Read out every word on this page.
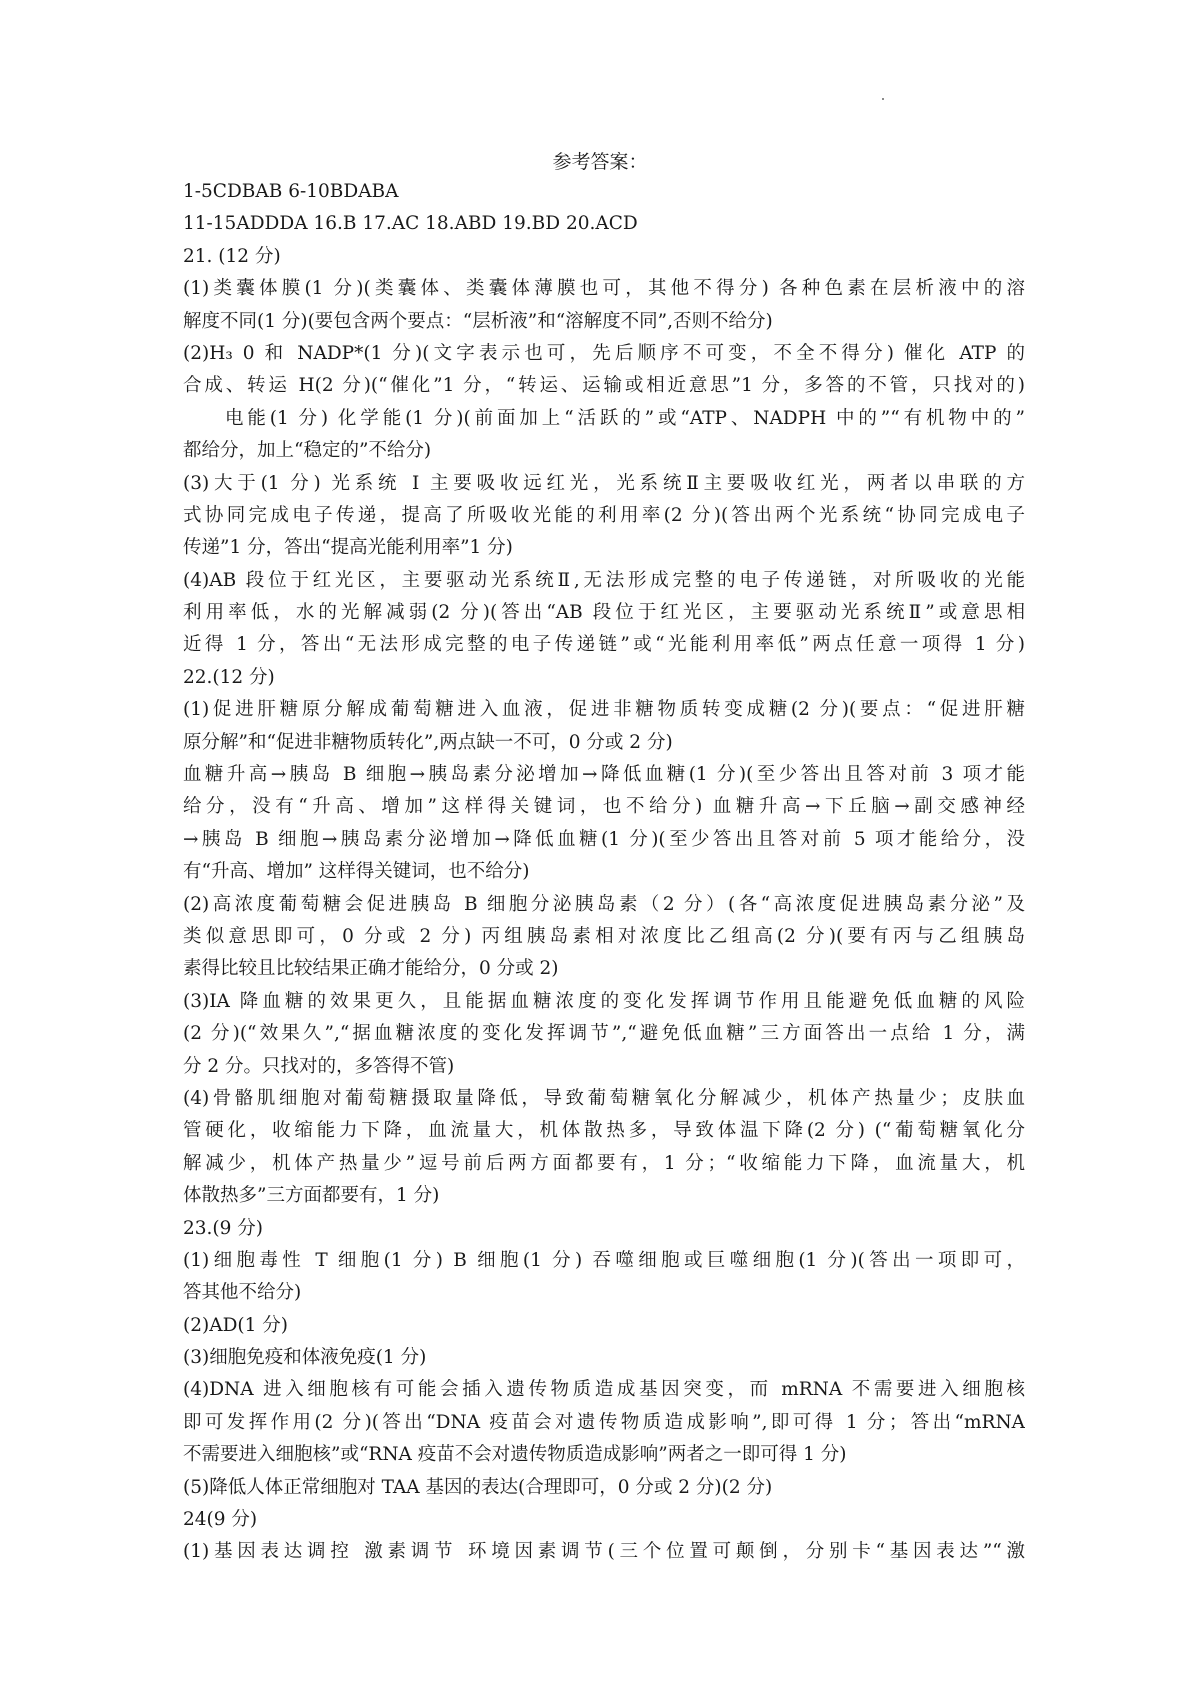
参考答案：
1-5CDBAB 6-10BDABA
11-15ADDDA 16.B 17.AC 18.ABD 19.BD 20.ACD
21. (12 分)
(1)类囊体膜(1 分)(类囊体、类囊体薄膜也可，其他不得分) 各种色素在层析液中的溶
解度不同(1 分)(要包含两个要点：“层析液”和“溶解度不同”,否则不给分)
(2)H₃ 0 和 NADP*(1 分)(文字表示也可，先后顺序不可变，不全不得分) 催化 ATP 的
合成、转运 H(2 分)(“催化”1 分，“转运、运输或相近意思”1 分，多答的不管，只找对的)
电能(1 分) 化学能(1 分)(前面加上“活跃的”或“ATP、NADPH 中的”“有机物中的”
都给分，加上“稳定的”不给分)
(3)大于(1 分) 光系统 I 主要吸收远红光，光系统Ⅱ主要吸收红光，两者以串联的方
式协同完成电子传递，提高了所吸收光能的利用率(2 分)(答出两个光系统“协同完成电子
传递”1 分，答出“提高光能利用率”1 分)
(4)AB 段位于红光区，主要驱动光系统Ⅱ,无法形成完整的电子传递链，对所吸收的光能
利用率低，水的光解减弱(2 分)(答出“AB 段位于红光区，主要驱动光系统Ⅱ”或意思相
近得 1 分，答出“无法形成完整的电子传递链”或“光能利用率低”两点任意一项得 1 分)
22.(12 分)
(1)促进肝糖原分解成葡萄糖进入血液，促进非糖物质转变成糖(2 分)(要点：“促进肝糖
原分解”和“促进非糖物质转化”,两点缺一不可，0 分或 2 分)
血糖升高→胰岛 B 细胞→胰岛素分泌增加→降低血糖(1 分)(至少答出且答对前 3 项才能
给分，没有“升高、增加”这样得关键词，也不给分) 血糖升高→下丘脑→副交感神经
→胰岛 B 细胞→胰岛素分泌增加→降低血糖(1 分)(至少答出且答对前 5 项才能给分，没
有“升高、增加” 这样得关键词，也不给分)
(2)高浓度葡萄糖会促进胰岛 B 细胞分泌胰岛素（2 分）(各“高浓度促进胰岛素分泌”及
类似意思即可，0 分或 2 分) 丙组胰岛素相对浓度比乙组高(2 分)(要有丙与乙组胰岛
素得比较且比较结果正确才能给分，0 分或 2)
(3)IA 降血糖的效果更久，且能据血糖浓度的变化发挥调节作用且能避免低血糖的风险
(2 分)(“效果久”,“据血糖浓度的变化发挥调节”,“避免低血糖”三方面答出一点给 1 分，满
分 2 分。只找对的，多答得不管)
(4)骨骼肌细胞对葡萄糖摄取量降低，导致葡萄糖氧化分解减少，机体产热量少；皮肤血
管硬化，收缩能力下降，血流量大，机体散热多，导致体温下降(2 分) (“葡萄糖氧化分
解减少，机体产热量少”逗号前后两方面都要有，1 分；“收缩能力下降，血流量大，机
体散热多”三方面都要有，1 分)
23.(9 分)
(1)细胞毒性 T 细胞(1 分) B 细胞(1 分) 吞噬细胞或巨噬细胞(1 分)(答出一项即可，
答其他不给分)
(2)AD(1 分)
(3)细胞免疫和体液免疫(1 分)
(4)DNA 进入细胞核有可能会插入遗传物质造成基因突变，而 mRNA 不需要进入细胞核
即可发挥作用(2 分)(答出“DNA 疫苗会对遗传物质造成影响”,即可得 1 分；答出“mRNA
不需要进入细胞核”或“RNA 疫苗不会对遗传物质造成影响”两者之一即可得 1 分)
(5)降低人体正常细胞对 TAA 基因的表达(合理即可，0 分或 2 分)(2 分)
24(9 分)
(1)基因表达调控 激素调节 环境因素调节(三个位置可颠倒，分别卡“基因表达”“激
